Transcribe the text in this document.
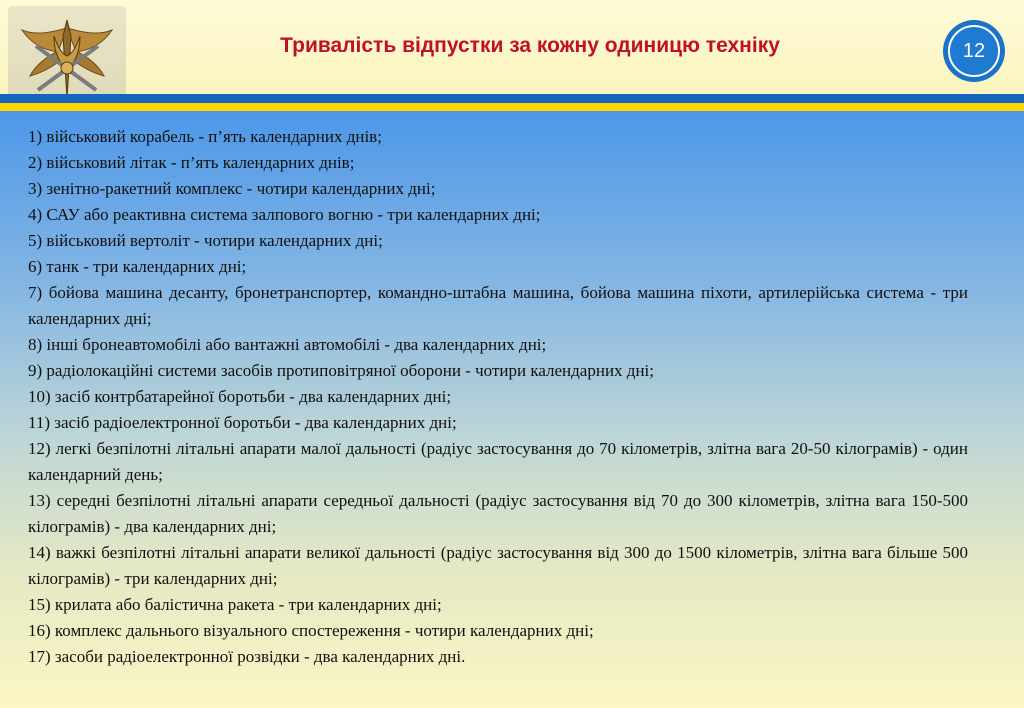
Тривалість відпустки за кожну одиницю техніку	12
1) військовий корабель - п’ять календарних днів;
2) військовий літак - п’ять календарних днів;
3) зенітно-ракетний комплекс - чотири календарних дні;
4) САУ або реактивна система залпового вогню - три календарних дні;
5) військовий вертоліт - чотири календарних дні;
6) танк - три календарних дні;
7) бойова машина десанту, бронетранспортер, командно-штабна машина, бойова машина піхоти, артилерійська система - три календарних дні;
8) інші бронеавтомобілі або вантажні автомобілі - два календарних дні;
9) радіолокаційні системи засобів протиповітряної оборони - чотири календарних дні;
10) засіб контрбатарейної боротьби - два календарних дні;
11) засіб радіоелектронної боротьби - два календарних дні;
12) легкі безпілотні літальні апарати малої дальності (радіус застосування до 70 кілометрів, злітна вага 20-50 кілограмів) - один календарний день;
13) середні безпілотні літальні апарати середньої дальності (радіус застосування від 70 до 300 кілометрів, злітна вага 150-500 кілограмів) - два календарних дні;
14) важкі безпілотні літальні апарати великої дальності (радіус застосування від 300 до 1500 кілометрів, злітна вага більше 500 кілограмів) - три календарних дні;
15) крилата або балістична ракета - три календарних дні;
16) комплекс дальнього візуального спостереження - чотири календарних дні;
17) засоби радіоелектронної розвідки - два календарних дні.
